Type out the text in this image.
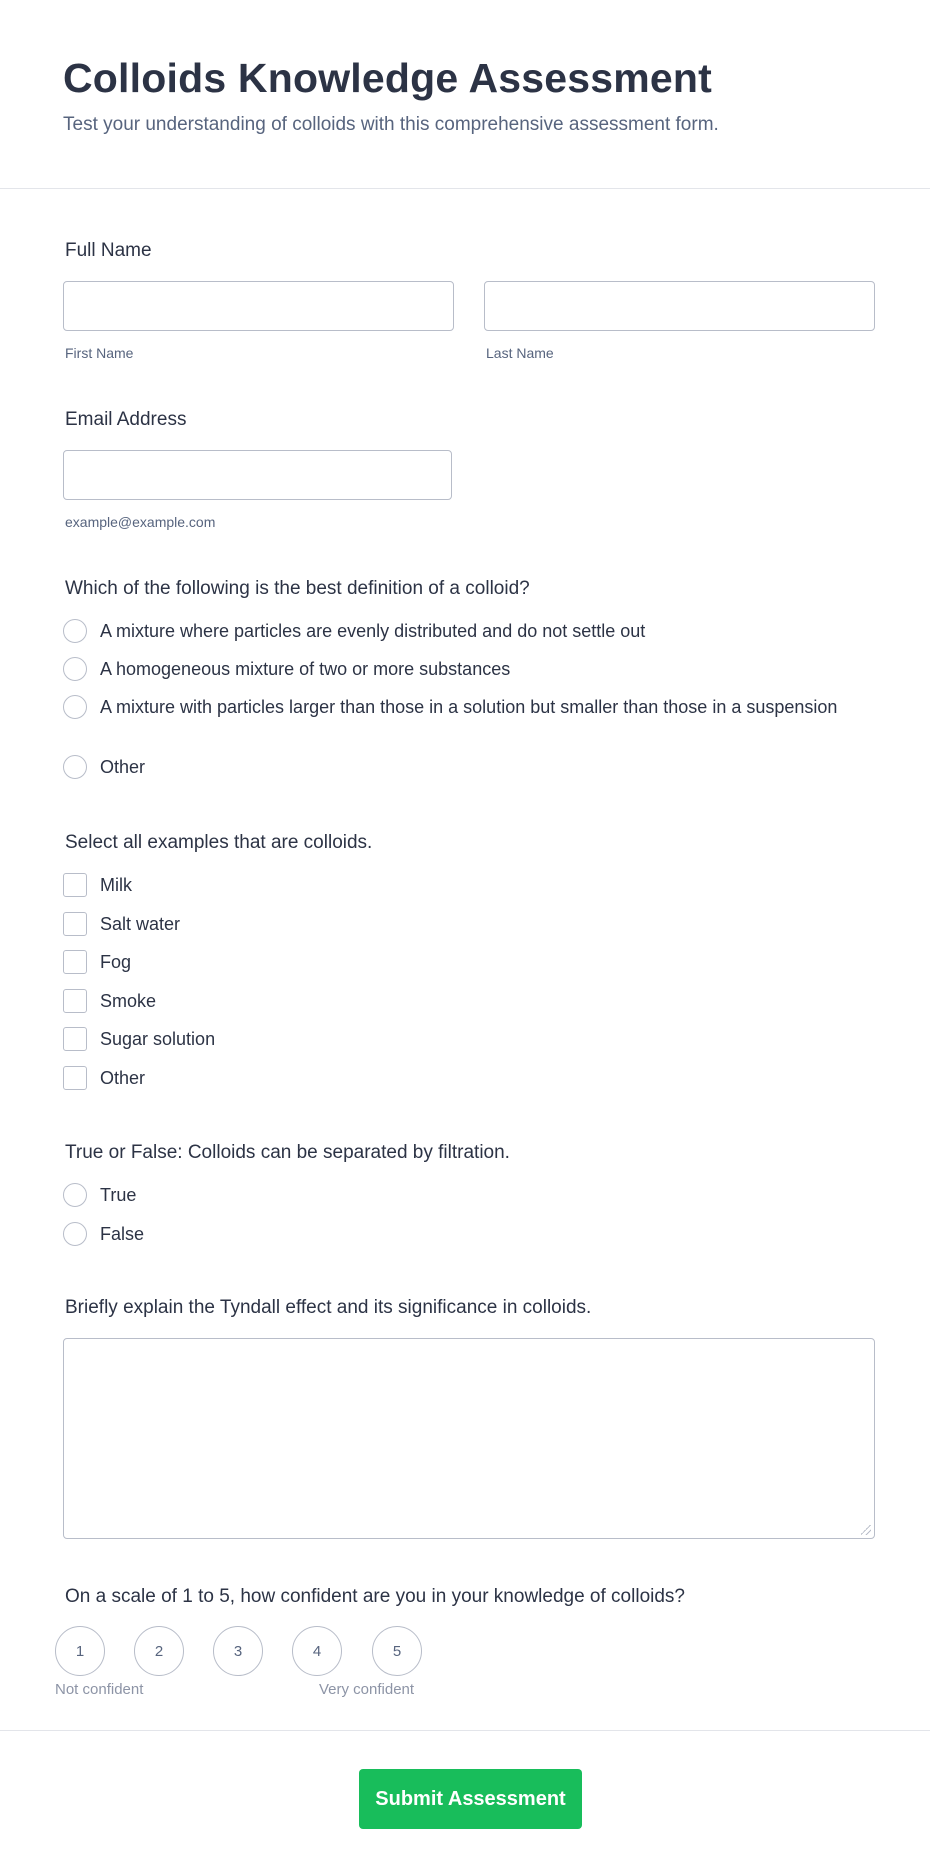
Colloids Knowledge Assessment
Test your understanding of colloids with this comprehensive assessment form.
Full Name
First Name	Last Name
Email Address
example@example.com
Which of the following is the best definition of a colloid?
A mixture where particles are evenly distributed and do not settle out
A homogeneous mixture of two or more substances
A mixture with particles larger than those in a solution but smaller than those in a suspension
Other
Select all examples that are colloids.
Milk
Salt water
Fog
Smoke
Sugar solution
Other
True or False: Colloids can be separated by filtration.
True
False
Briefly explain the Tyndall effect and its significance in colloids.
On a scale of 1 to 5, how confident are you in your knowledge of colloids?
1	2	3	4	5
Not confident	Very confident
Submit Assessment
